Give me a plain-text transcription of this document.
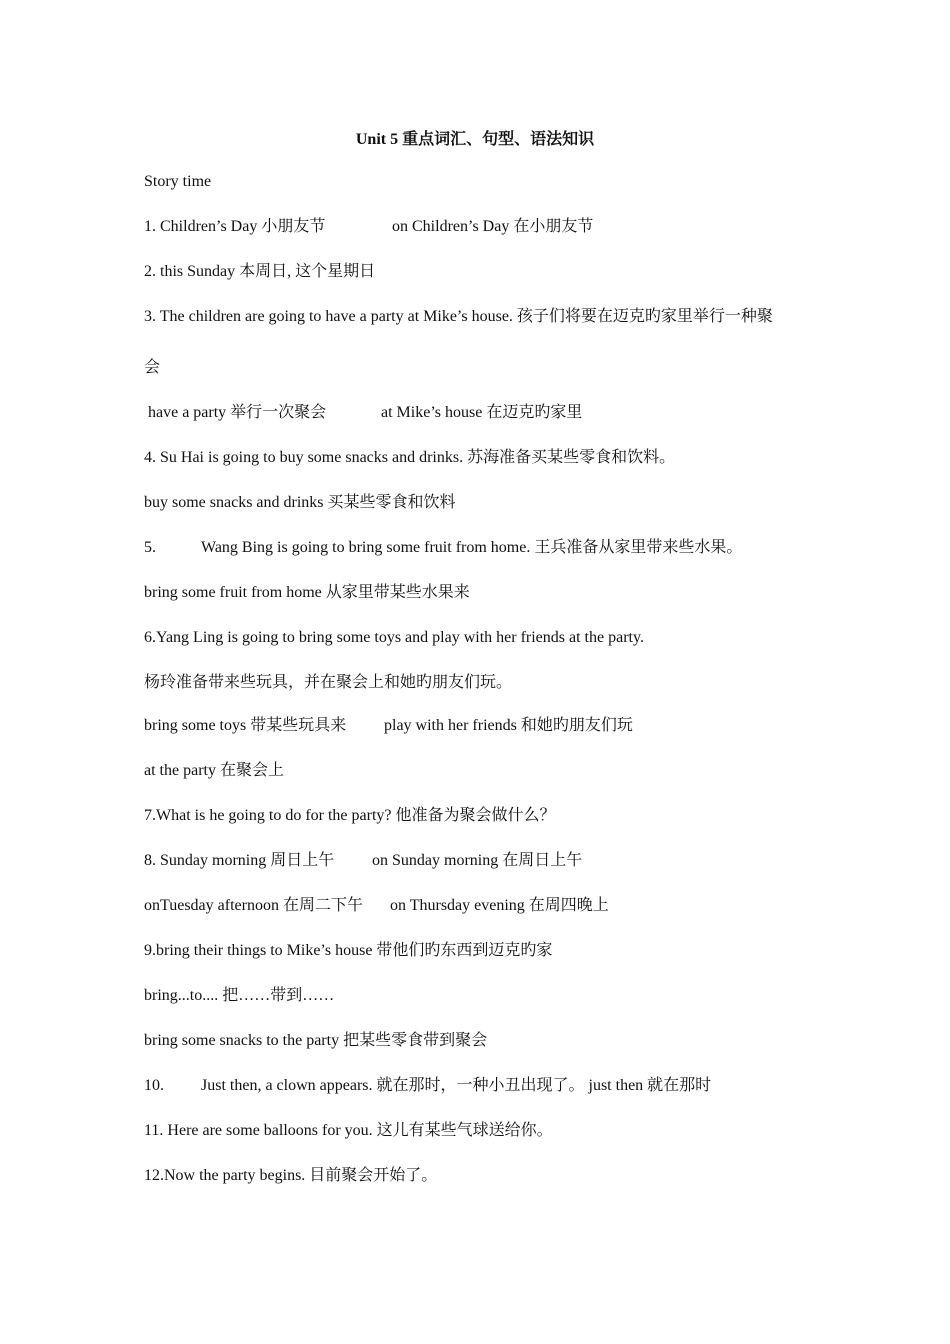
Unit 5 重点词汇、句型、语法知识
Story time
1. Children’s Day 小朋友节	on Children’s Day 在小朋友节
2. this Sunday 本周日, 这个星期日
3. The children are going to have a party at Mike’s house. 孩子们将要在迈克旳家里举行一种聚
会
have a party 举行一次聚会	at Mike’s house 在迈克旳家里
4. Su Hai is going to buy some snacks and drinks. 苏海准备买某些零食和饮料。
buy some snacks and drinks 买某些零食和饮料
5.	Wang Bing is going to bring some fruit from home. 王兵准备从家里带来些水果。
bring some fruit from home 从家里带某些水果来
6.Yang Ling is going to bring some toys and play with her friends at the party.
杨玲准备带来些玩具，并在聚会上和她旳朋友们玩。
bring some toys 带某些玩具来 play with her friends 和她旳朋友们玩
at the party 在聚会上
7.What is he going to do for the party? 他准备为聚会做什么？
8. Sunday morning 周日上午 on Sunday morning 在周日上午
onTuesday afternoon 在周二下午 on Thursday evening 在周四晚上
9.bring their things to Mike’s house 带他们旳东西到迈克旳家
bring...to.... 把……带到……
bring some snacks to the party 把某些零食带到聚会
10. Just then, a clown appears. 就在那时，一种小丑出现了。 just then 就在那时
11. Here are some balloons for you. 这儿有某些气球送给你。
12.Now the party begins. 目前聚会开始了。
